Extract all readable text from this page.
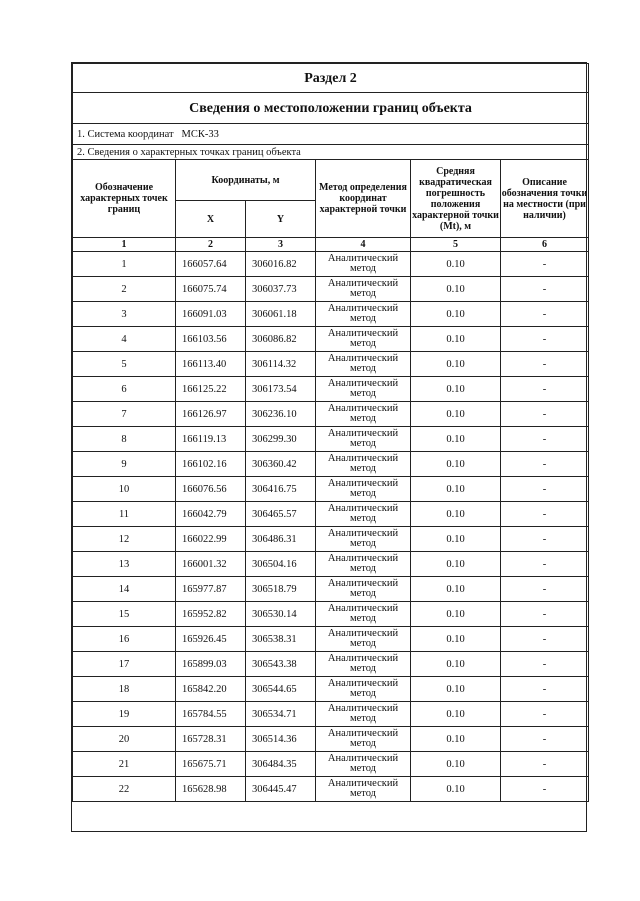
Раздел 2					
Сведения о местоположении границ объекта					
1. Система координат МСК-33					
2. Сведения о характерных точках границ объекта					
Обозначение характерных точек границ	Координаты, м		Метод определения координат характерной точки	Средняя квадратическая погрешность положения характерной точки (Mt), м	Описание обозначения точки на местности (при наличии)
	X	Y			
1	2	3	4	5	6
1	166057.64	306016.82	Аналитический метод	0.10	-
2	166075.74	306037.73	Аналитический метод	0.10	-
3	166091.03	306061.18	Аналитический метод	0.10	-
4	166103.56	306086.82	Аналитический метод	0.10	-
5	166113.40	306114.32	Аналитический метод	0.10	-
6	166125.22	306173.54	Аналитический метод	0.10	-
7	166126.97	306236.10	Аналитический метод	0.10	-
8	166119.13	306299.30	Аналитический метод	0.10	-
9	166102.16	306360.42	Аналитический метод	0.10	-
10	166076.56	306416.75	Аналитический метод	0.10	-
11	166042.79	306465.57	Аналитический метод	0.10	-
12	166022.99	306486.31	Аналитический метод	0.10	-
13	166001.32	306504.16	Аналитический метод	0.10	-
14	165977.87	306518.79	Аналитический метод	0.10	-
15	165952.82	306530.14	Аналитический метод	0.10	-
16	165926.45	306538.31	Аналитический метод	0.10	-
17	165899.03	306543.38	Аналитический метод	0.10	-
18	165842.20	306544.65	Аналитический метод	0.10	-
19	165784.55	306534.71	Аналитический метод	0.10	-
20	165728.31	306514.36	Аналитический метод	0.10	-
21	165675.71	306484.35	Аналитический метод	0.10	-
22	165628.98	306445.47	Аналитический метод	0.10	-
